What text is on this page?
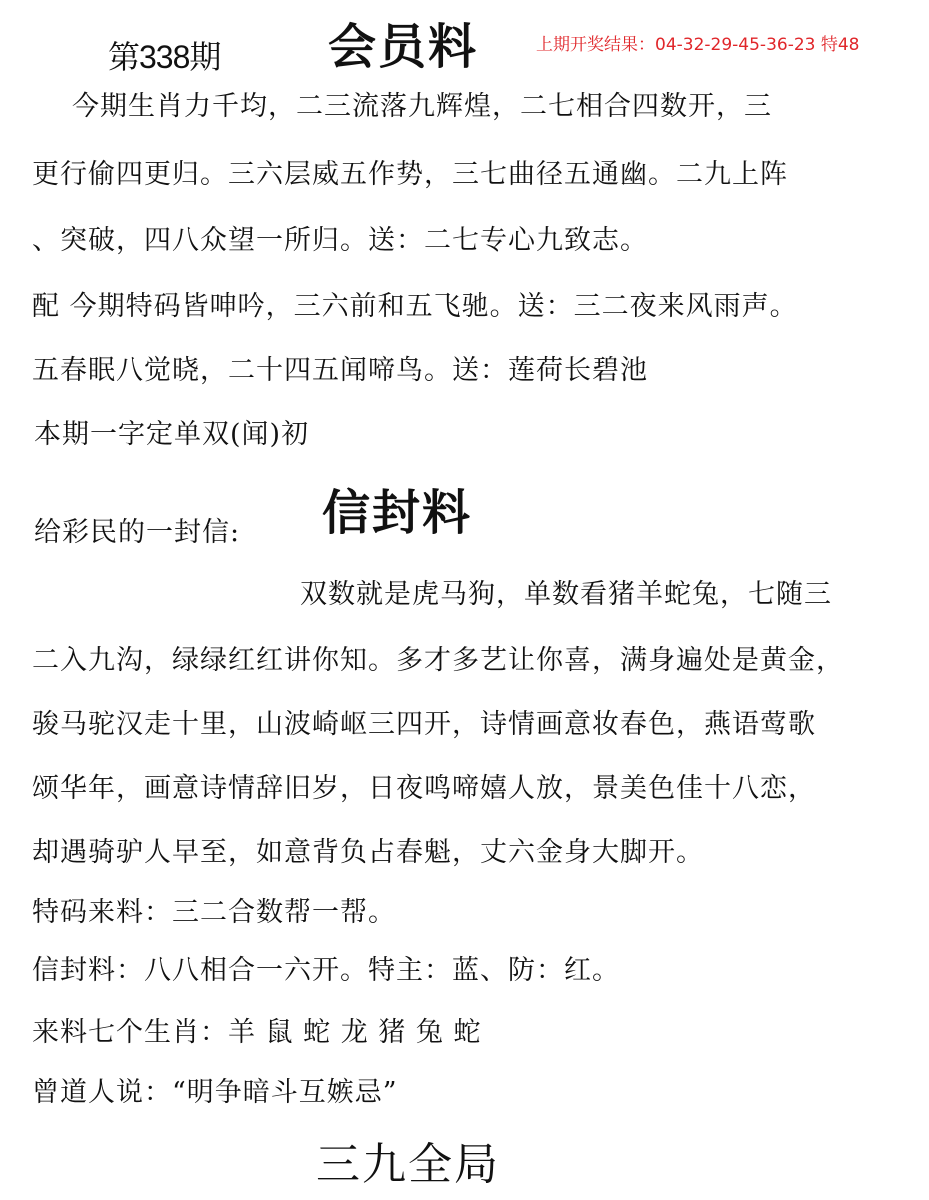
第338期 会员料	上期开奖结果：04-32-29-45-36-23 特48
今期生肖力千均，二三流落九辉煌，二七相合四数开，三
更行偷四更归。三六层威五作势，三七曲径五通幽。二九上阵
、突破，四八众望一所归。送：二七专心九致志。
配 今期特码皆呻吟，三六前和五飞驰。送：三二夜来风雨声。
五春眠八觉晓，二十四五闻啼鸟。送：莲荷长碧池
本期一字定单双(闻)初
给彩民的一封信: 信封料
双数就是虎马狗，单数看猪羊蛇兔，七随三
二入九沟，绿绿红红讲你知。多才多艺让你喜，满身遍处是黄金，
骏马驼汉走十里，山波崎岖三四开，诗情画意妆春色，燕语莺歌
颂华年，画意诗情辞旧岁，日夜鸣啼嬉人放，景美色佳十八恋，
却遇骑驴人早至，如意背负占春魁，丈六金身大脚开。
特码来料：三二合数帮一帮。
信封料：八八相合一六开。特主：蓝、防：红。
来料七个生肖：羊 鼠 蛇 龙 猪 兔 蛇
曾道人说：“明争暗斗互嫉忌”
三九全局
